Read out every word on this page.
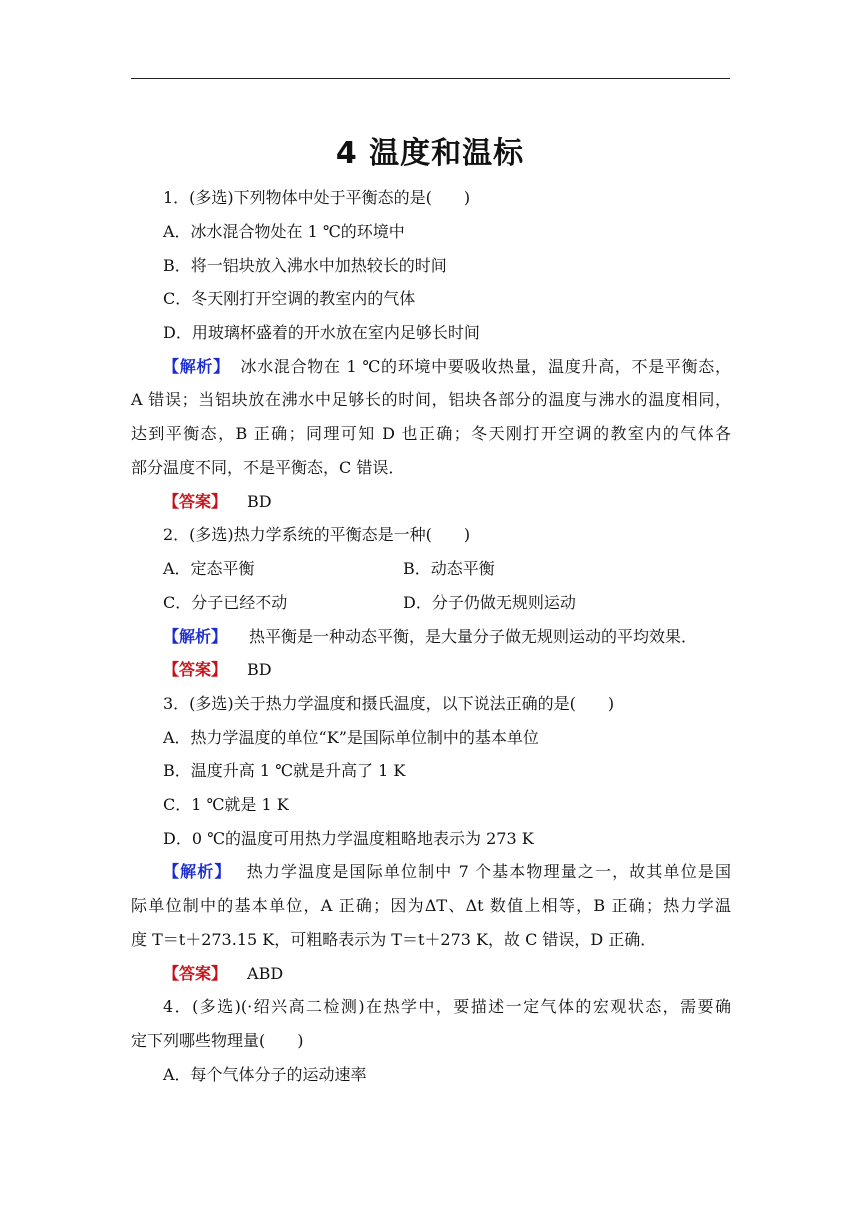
4 温度和温标
1．(多选)下列物体中处于平衡态的是(　　)
A．冰水混合物处在 1 ℃的环境中
B．将一铝块放入沸水中加热较长的时间
C．冬天刚打开空调的教室内的气体
D．用玻璃杯盛着的开水放在室内足够长时间
【解析】 冰水混合物在 1 ℃的环境中要吸收热量，温度升高，不是平衡态，
A 错误；当铝块放在沸水中足够长的时间，铝块各部分的温度与沸水的温度相同，
达到平衡态，B 正确；同理可知 D 也正确；冬天刚打开空调的教室内的气体各
部分温度不同，不是平衡态，C 错误．
【答案】 BD
2．(多选)热力学系统的平衡态是一种(　　)
A．定态平衡	B．动态平衡
C．分子已经不动	D．分子仍做无规则运动
【解析】 热平衡是一种动态平衡，是大量分子做无规则运动的平均效果．
【答案】 BD
3．(多选)关于热力学温度和摄氏温度，以下说法正确的是(　　)
A．热力学温度的单位“K”是国际单位制中的基本单位
B．温度升高 1 ℃就是升高了 1 K
C．1 ℃就是 1 K
D．0 ℃的温度可用热力学温度粗略地表示为 273 K
【解析】 热力学温度是国际单位制中 7 个基本物理量之一，故其单位是国
际单位制中的基本单位，A 正确；因为ΔT、Δt 数值上相等，B 正确；热力学温
度 T＝t＋273.15 K，可粗略表示为 T＝t＋273 K，故 C 错误，D 正确．
【答案】 ABD
4．(多选)(·绍兴高二检测)在热学中，要描述一定气体的宏观状态，需要确
定下列哪些物理量(　　)
A．每个气体分子的运动速率
